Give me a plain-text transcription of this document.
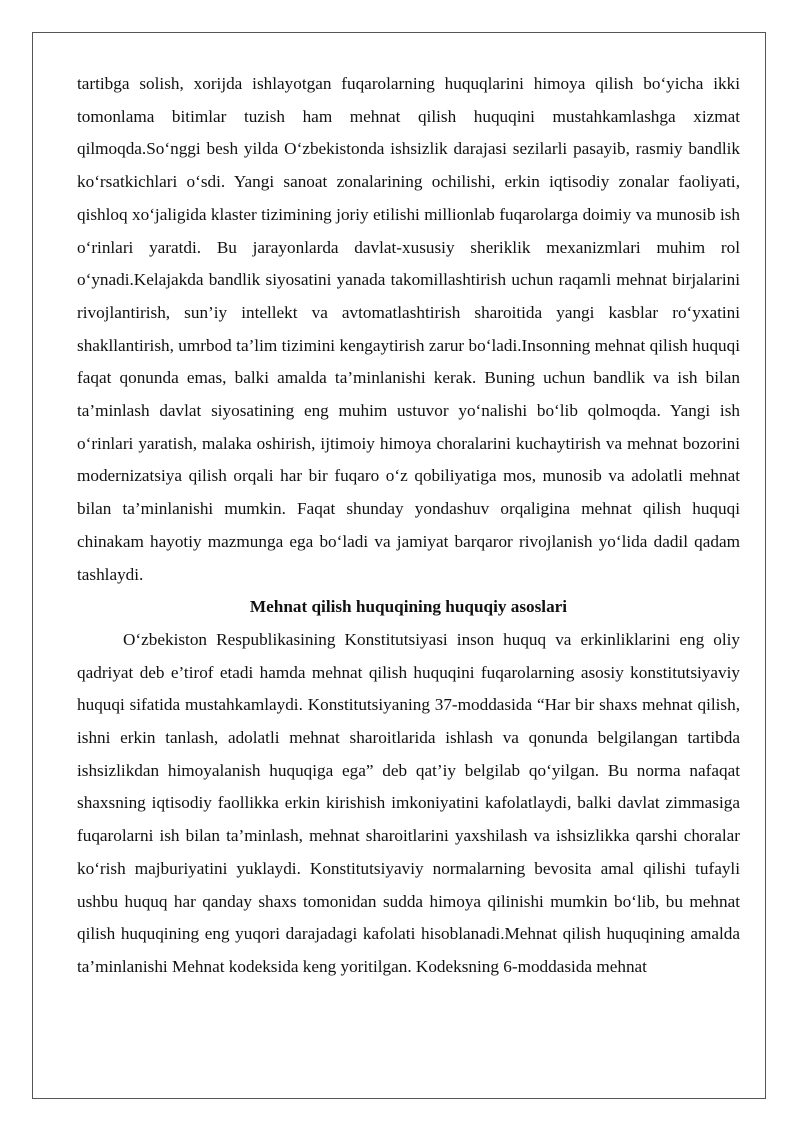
tartibga solish, xorijda ishlayotgan fuqarolarning huquqlarini himoya qilish bo‘yicha ikki tomonlama bitimlar tuzish ham mehnat qilish huquqini mustahkamlashga xizmat qilmoqda.So‘nggi besh yilda O‘zbekistonda ishsizlik darajasi sezilarli pasayib, rasmiy bandlik ko‘rsatkichlari o‘sdi. Yangi sanoat zonalarining ochilishi, erkin iqtisodiy zonalar faoliyati, qishloq xo‘jaligida klaster tizimining joriy etilishi millionlab fuqarolarga doimiy va munosib ish o‘rinlari yaratdi. Bu jarayonlarda davlat-xususiy sheriklik mexanizmlari muhim rol o‘ynadi.Kelajakda bandlik siyosatini yanada takomillashtirish uchun raqamli mehnat birjalarini rivojlantirish, sun’iy intellekt va avtomatlashtirish sharoitida yangi kasblar ro‘yxatini shakllantirish, umrbod ta’lim tizimini kengaytirish zarur bo‘ladi.Insonning mehnat qilish huquqi faqat qonunda emas, balki amalda ta’minlanishi kerak. Buning uchun bandlik va ish bilan ta’minlash davlat siyosatining eng muhim ustuvor yo‘nalishi bo‘lib qolmoqda. Yangi ish o‘rinlari yaratish, malaka oshirish, ijtimoiy himoya choralarini kuchaytirish va mehnat bozorini modernizatsiya qilish orqali har bir fuqaro o‘z qobiliyatiga mos, munosib va adolatli mehnat bilan ta’minlanishi mumkin. Faqat shunday yondashuv orqaligina mehnat qilish huquqi chinakam hayotiy mazmunga ega bo‘ladi va jamiyat barqaror rivojlanish yo‘lida dadil qadam tashlaydi.

Mehnat qilish huquqining huquqiy asoslari

O‘zbekiston Respublikasining Konstitutsiyasi inson huquq va erkinliklarini eng oliy qadriyat deb e’tirof etadi hamda mehnat qilish huquqini fuqarolarning asosiy konstitutsiyaviy huquqi sifatida mustahkamlaydi. Konstitutsiyaning 37-moddasida “Har bir shaxs mehnat qilish, ishni erkin tanlash, adolatli mehnat sharoitlarida ishlash va qonunda belgilangan tartibda ishsizlikdan himoyalanish huquqiga ega” deb qat’iy belgilab qo‘yilgan. Bu norma nafaqat shaxsning iqtisodiy faollikka erkin kirishish imkoniyatini kafolatlaydi, balki davlat zimmasiga fuqarolarni ish bilan ta’minlash, mehnat sharoitlarini yaxshilash va ishsizlikka qarshi choralar ko‘rish majburiyatini yuklaydi. Konstitutsiyaviy normalarning bevosita amal qilishi tufayli ushbu huquq har qanday shaxs tomonidan sudda himoya qilinishi mumkin bo‘lib, bu mehnat qilish huquqining eng yuqori darajadagi kafolati hisoblanadi.Mehnat qilish huquqining amalda ta’minlanishi Mehnat kodeksida keng yoritilgan. Kodeksning 6-moddasida mehnat
